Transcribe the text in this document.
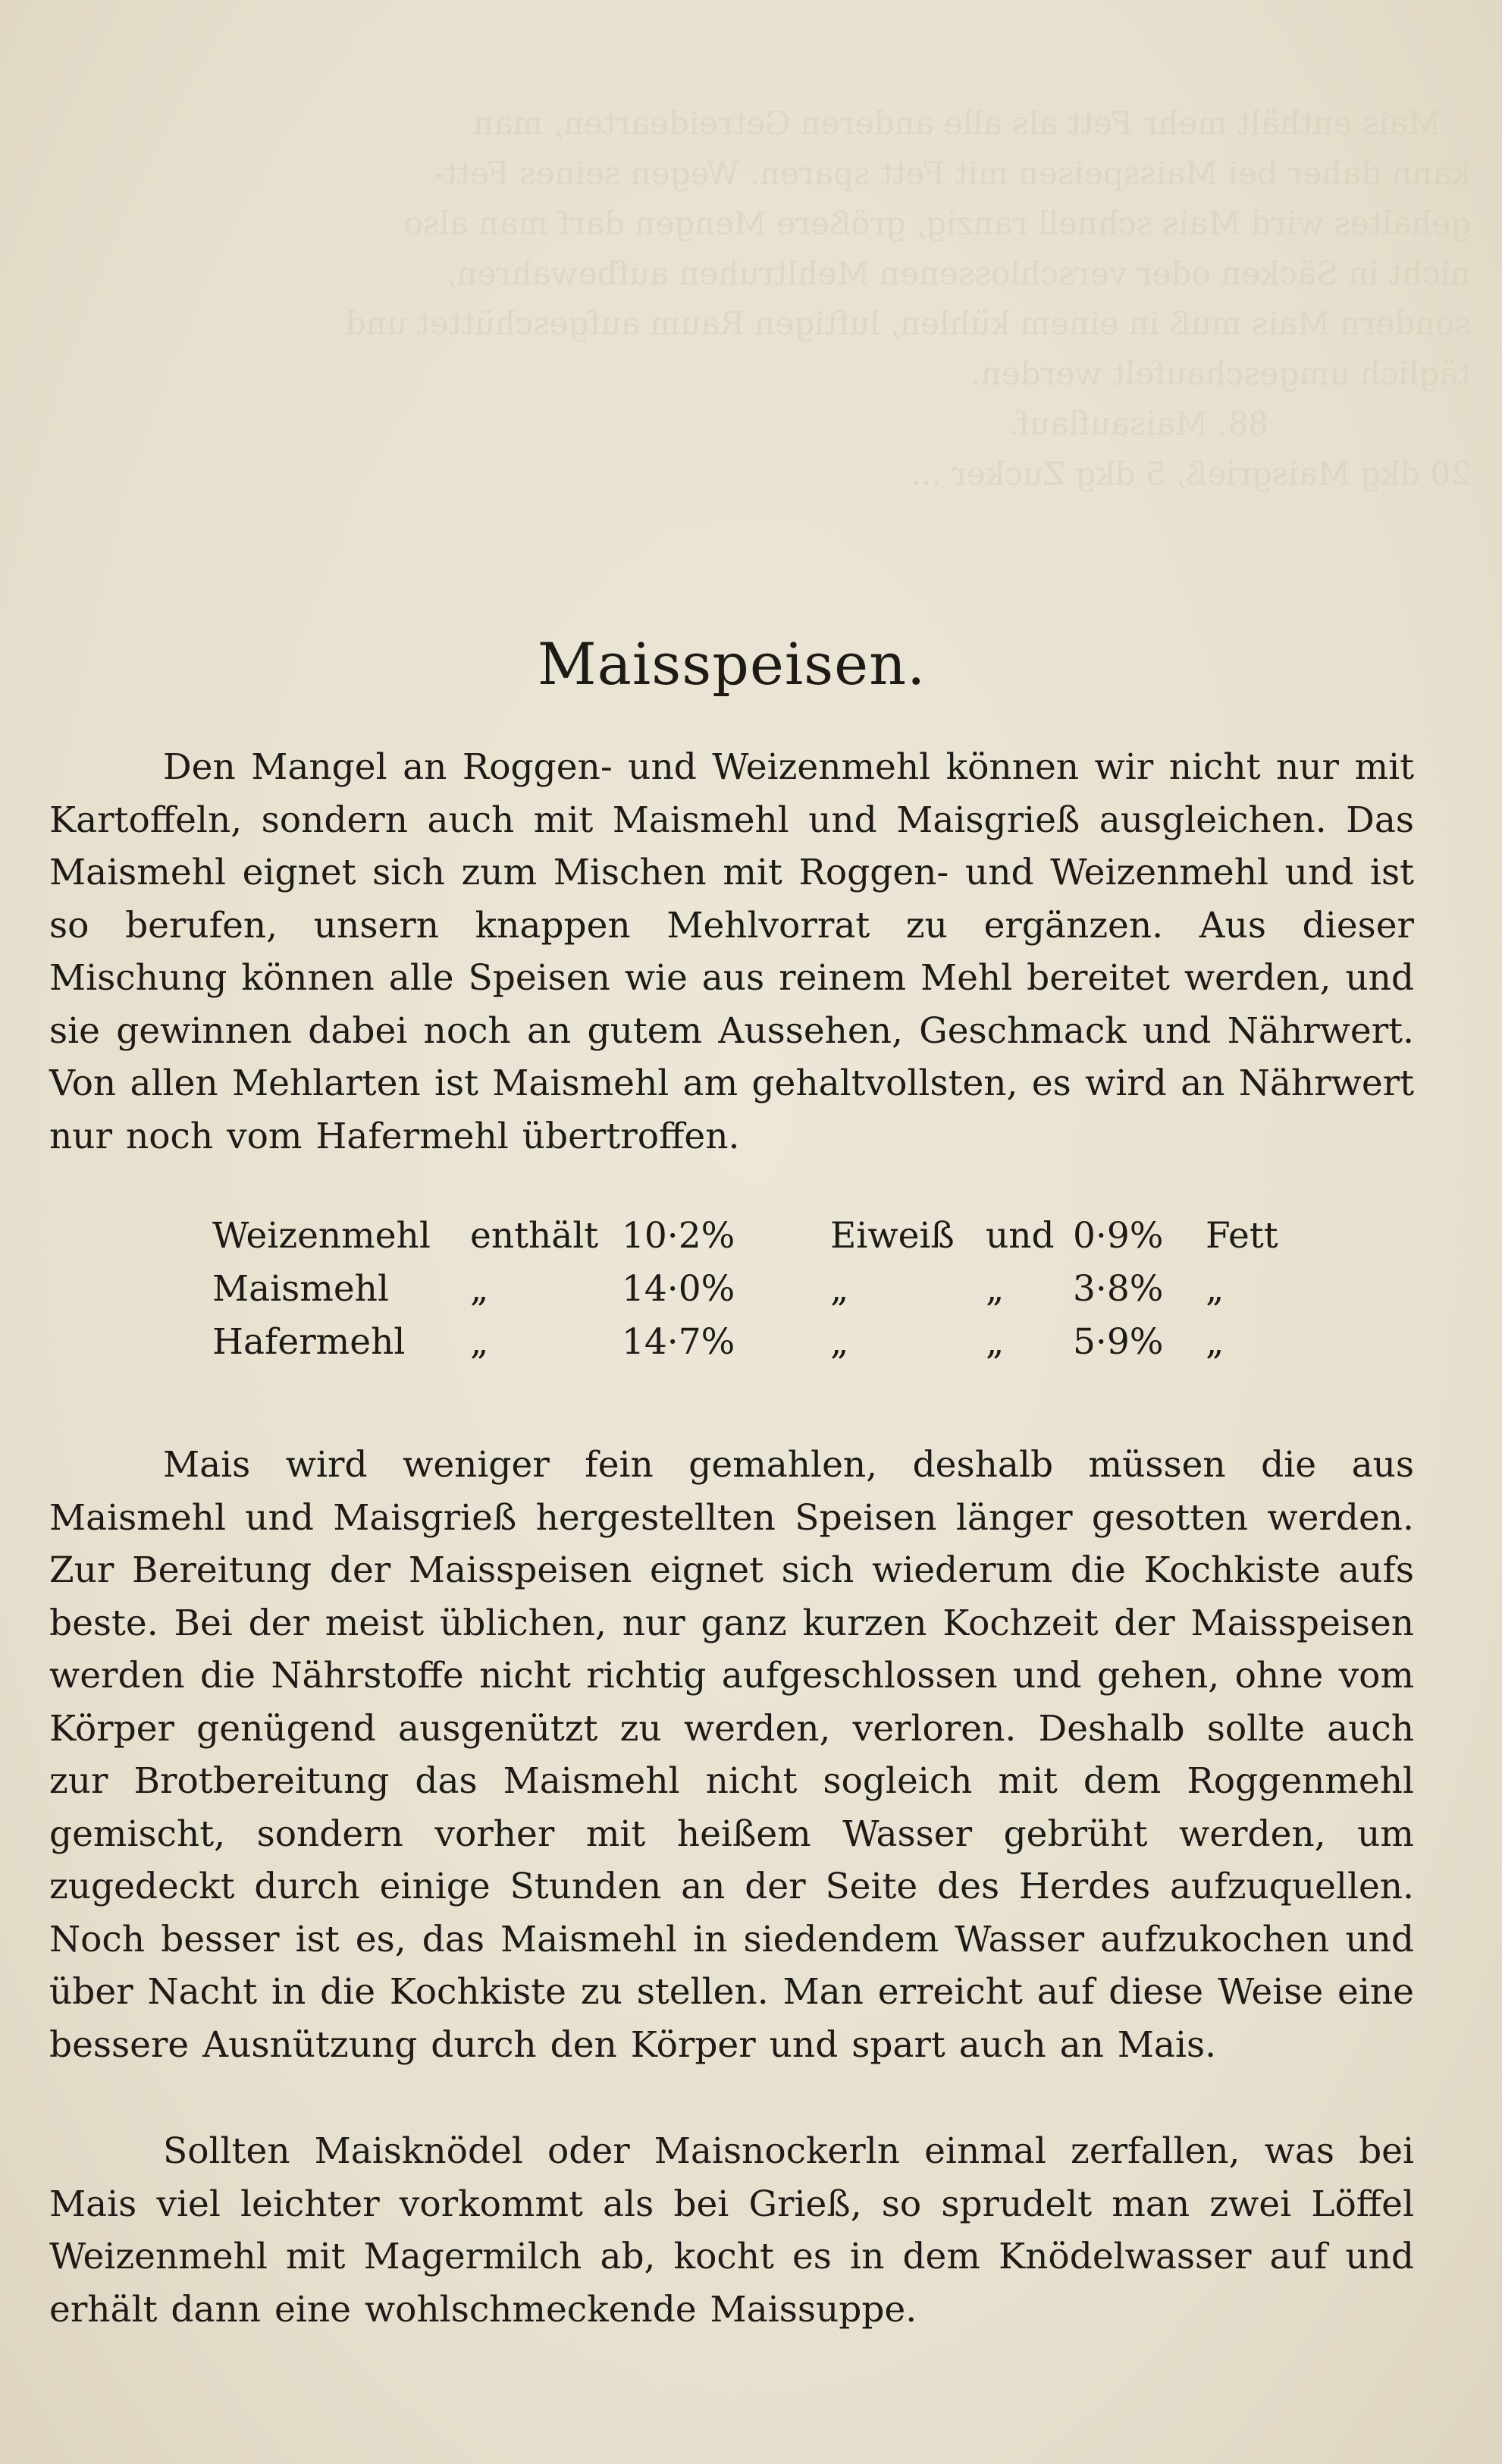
Mais enthält mehr Fett als alle anderen Getreidearten, man
kann daher bei Maisspeisen mit Fett sparen. Wegen seines Fett-
gehaltes wird Mais schnell ranzig, größere Mengen darf man also
nicht in Säcken oder verschlossenen Mehltruhen aufbewahren,
sondern Mais muß in einem kühlen, luftigen Raum aufgeschüttet und
täglich umgeschaufelt werden.
88. Maisauflauf.
20 dkg Maisgrieß, 5 dkg Zucker ...
Maisspeisen.

Den Mangel an Roggen- und Weizenmehl können wir nicht nur mit Kartoffeln, sondern auch mit Maismehl und Maisgrieß ausgleichen. Das Maismehl eignet sich zum Mischen mit Roggen- und Weizenmehl und ist so berufen, unsern knappen Mehlvorrat zu ergänzen. Aus dieser Mischung können alle Speisen wie aus reinem Mehl bereitet werden, und sie gewinnen dabei noch an gutem Aussehen, Geschmack und Nährwert. Von allen Mehlarten ist Maismehl am gehaltvollsten, es wird an Nährwert nur noch vom Hafermehl übertroffen.

Weizenmehl enthält 10·2%	Eiweiß und 0·9% Fett
Maismehl „	14·0%	„	„ 3·8% „
Hafermehl „	14·7%	„	„ 5·9% „

Mais wird weniger fein gemahlen, deshalb müssen die aus Maismehl und Maisgrieß hergestellten Speisen länger gesotten werden. Zur Bereitung der Maisspeisen eignet sich wiederum die Kochkiste aufs beste. Bei der meist üblichen, nur ganz kurzen Kochzeit der Maisspeisen werden die Nährstoffe nicht richtig aufgeschlossen und gehen, ohne vom Körper genügend ausgenützt zu werden, verloren. Deshalb sollte auch zur Brotbereitung das Maismehl nicht sogleich mit dem Roggenmehl gemischt, sondern vorher mit heißem Wasser gebrüht werden, um zugedeckt durch einige Stunden an der Seite des Herdes aufzuquellen. Noch besser ist es, das Maismehl in siedendem Wasser aufzukochen und über Nacht in die Kochkiste zu stellen. Man erreicht auf diese Weise eine bessere Ausnützung durch den Körper und spart auch an Mais.

Sollten Maisknödel oder Maisnockerln einmal zerfallen, was bei Mais viel leichter vorkommt als bei Grieß, so sprudelt man zwei Löffel Weizenmehl mit Magermilch ab, kocht es in dem Knödelwasser auf und erhält dann eine wohlschmeckende Maissuppe.
